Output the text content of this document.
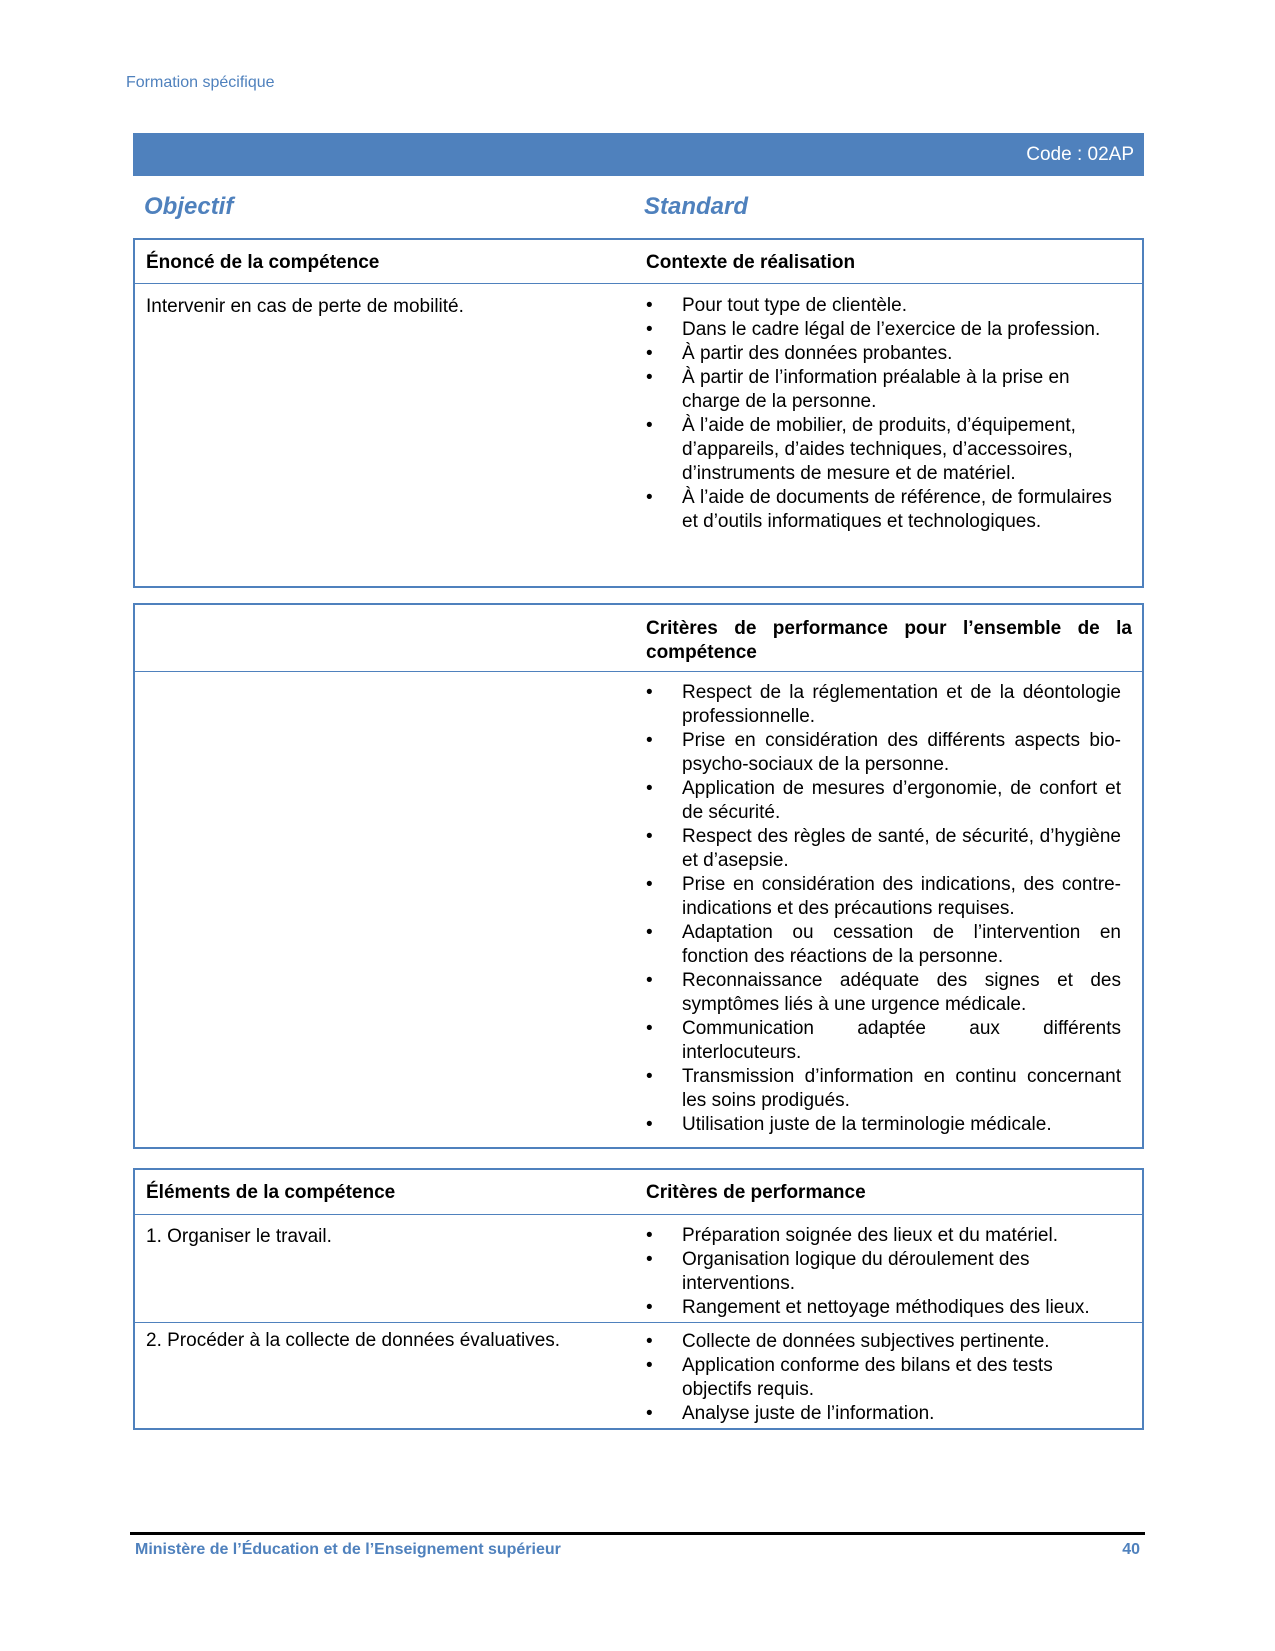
Formation spécifique
Code : 02AP
Objectif	Standard
Énoncé de la compétence	Contexte de réalisation
Intervenir en cas de perte de mobilité.	• Pour tout type de clientèle.
• Dans le cadre légal de l’exercice de la profession.
• À partir des données probantes.
• À partir de l’information préalable à la prise en charge de la personne.
• À l’aide de mobilier, de produits, d’équipement, d’appareils, d’aides techniques, d’accessoires, d’instruments de mesure et de matériel.
• À l’aide de documents de référence, de formulaires et d’outils informatiques et technologiques.
Critères de performance pour l’ensemble de la compétence
• Respect de la réglementation et de la déontologie professionnelle.
• Prise en considération des différents aspects bio-psycho-sociaux de la personne.
• Application de mesures d’ergonomie, de confort et de sécurité.
• Respect des règles de santé, de sécurité, d’hygiène et d’asepsie.
• Prise en considération des indications, des contre-indications et des précautions requises.
• Adaptation ou cessation de l’intervention en fonction des réactions de la personne.
• Reconnaissance adéquate des signes et des symptômes liés à une urgence médicale.
• Communication adaptée aux différents interlocuteurs.
• Transmission d’information en continu concernant les soins prodigués.
• Utilisation juste de la terminologie médicale.
Éléments de la compétence	Critères de performance
1. Organiser le travail.	• Préparation soignée des lieux et du matériel.
• Organisation logique du déroulement des interventions.
• Rangement et nettoyage méthodiques des lieux.
2. Procéder à la collecte de données évaluatives.	• Collecte de données subjectives pertinente.
• Application conforme des bilans et des tests objectifs requis.
• Analyse juste de l’information.
Ministère de l’Éducation et de l’Enseignement supérieur	40
